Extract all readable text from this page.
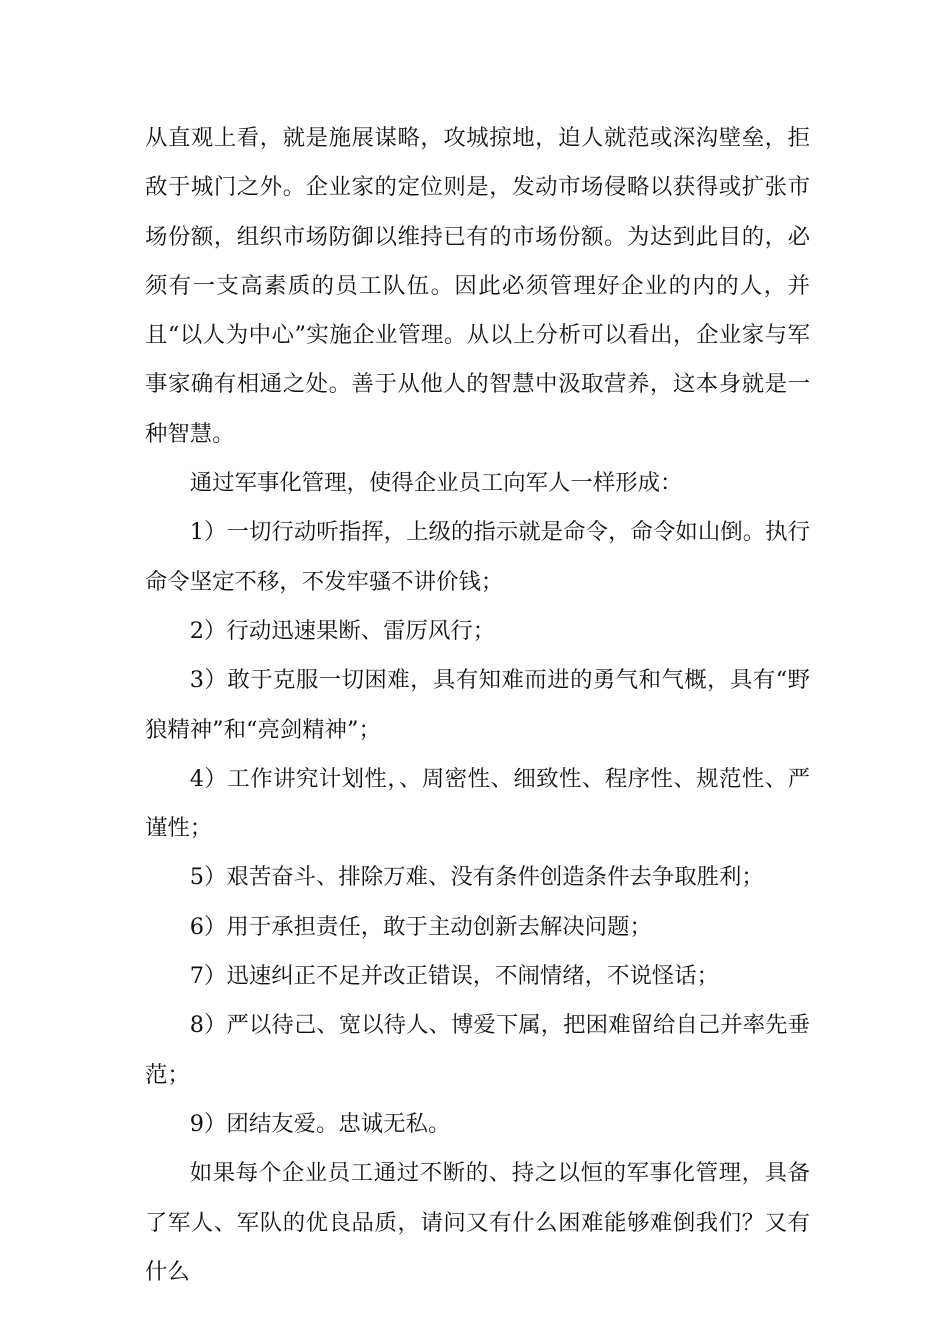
从直观上看，就是施展谋略，攻城掠地，迫人就范或深沟壁垒，拒敌于城门之外。企业家的定位则是，发动市场侵略以获得或扩张市场份额，组织市场防御以维持已有的市场份额。为达到此目的，必须有一支高素质的员工队伍。因此必须管理好企业的内的人，并且“以人为中心”实施企业管理。从以上分析可以看出，企业家与军事家确有相通之处。善于从他人的智慧中汲取营养，这本身就是一种智慧。

通过军事化管理，使得企业员工向军人一样形成：

1）一切行动听指挥，上级的指示就是命令，命令如山倒。执行命令坚定不移，不发牢骚不讲价钱；

2）行动迅速果断、雷厉风行；

3）敢于克服一切困难，具有知难而进的勇气和气概，具有“野狼精神”和“亮剑精神”；

4）工作讲究计划性，、周密性、细致性、程序性、规范性、严谨性；

5）艰苦奋斗、排除万难、没有条件创造条件去争取胜利；

6）用于承担责任，敢于主动创新去解决问题；

7）迅速纠正不足并改正错误，不闹情绪，不说怪话；

8）严以待己、宽以待人、博爱下属，把困难留给自己并率先垂范；

9）团结友爱。忠诚无私。

如果每个企业员工通过不断的、持之以恒的军事化管理，具备了军人、军队的优良品质，请问又有什么困难能够难倒我们？又有什么
